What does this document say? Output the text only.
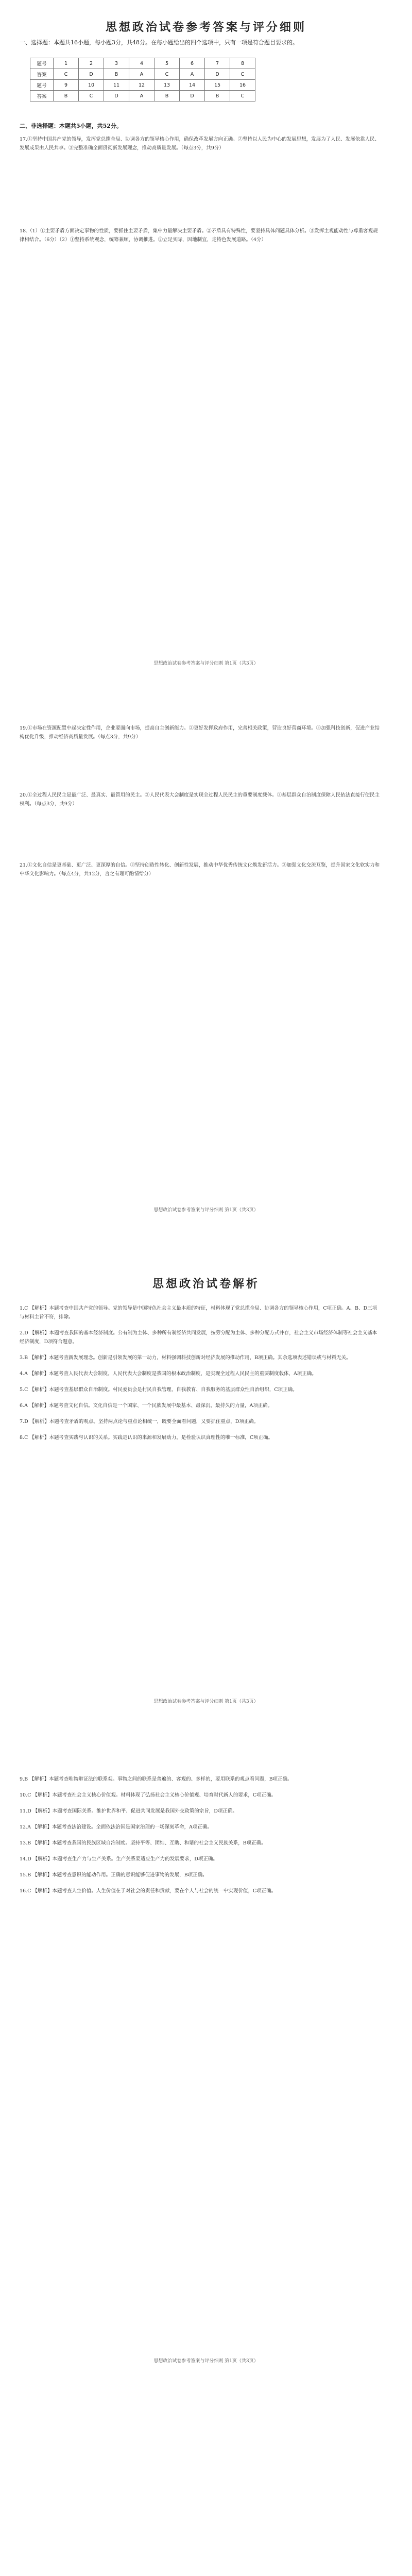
思想政治试卷参考答案与评分细则
一、选择题：本题共16小题，每小题3分，共48分。在每小题给出的四个选项中，只有一项是符合题目要求的。
题号	1	2	3	4	5	6	7	8
答案	C	D	B	A	C	A	D	C
题号	9	10	11	12	13	14	15	16
答案	B	C	D	A	B	D	B	C
二、非选择题：本题共5小题，共52分。
17.①坚持中国共产党的领导，发挥党总揽全局、协调各方的领导核心作用，确保改革发展方向正确。②坚持以人民为中心的发展思想，发展为了人民、发展依靠人民、发展成果由人民共享。③完整准确全面贯彻新发展理念，推动高质量发展。（每点3分，共9分）
18.（1）①主要矛盾方面决定事物的性质，要抓住主要矛盾，集中力量解决主要矛盾。②矛盾具有特殊性，要坚持具体问题具体分析。③发挥主观能动性与尊重客观规律相结合。（6分）（2）①坚持系统观念，统筹兼顾，协调推进。②立足实际，因地制宜，走特色发展道路。（4分）
思想政治试卷参考答案与评分细则 第1页（共3页）
19.①市场在资源配置中起决定性作用，企业要面向市场，提高自主创新能力。②更好发挥政府作用，完善相关政策，营造良好营商环境。③加强科技创新，促进产业结构优化升级，推动经济高质量发展。（每点3分，共9分）
20.①全过程人民民主是最广泛、最真实、最管用的民主。②人民代表大会制度是实现全过程人民民主的重要制度载体。③基层群众自治制度保障人民依法直接行使民主权利。（每点3分，共9分）
21.①文化自信是更基础、更广泛、更深厚的自信。②坚持创造性转化、创新性发展，推动中华优秀传统文化焕发新活力。③加强文化交流互鉴，提升国家文化软实力和中华文化影响力。（每点4分，共12分，言之有理可酌情给分）
思想政治试卷参考答案与评分细则 第1页（共3页）
思想政治试卷解析
1.C 【解析】本题考查中国共产党的领导。党的领导是中国特色社会主义最本质的特征，材料体现了党总揽全局、协调各方的领导核心作用，C项正确。A、B、D三项与材料主旨不符，排除。
2.D 【解析】本题考查我国的基本经济制度。公有制为主体、多种所有制经济共同发展，按劳分配为主体、多种分配方式并存，社会主义市场经济体制等社会主义基本经济制度，D项符合题意。
3.B 【解析】本题考查新发展理念。创新是引领发展的第一动力，材料强调科技创新对经济发展的推动作用，B项正确。其余选项表述错误或与材料无关。
4.A 【解析】本题考查人民代表大会制度。人民代表大会制度是我国的根本政治制度，是实现全过程人民民主的重要制度载体，A项正确。
5.C 【解析】本题考查基层群众自治制度。村民委员会是村民自我管理、自我教育、自我服务的基层群众性自治组织，C项正确。
6.A 【解析】本题考查文化自信。文化自信是一个国家、一个民族发展中最基本、最深沉、最持久的力量，A项正确。
7.D 【解析】本题考查矛盾的观点。坚持两点论与重点论相统一，既要全面看问题，又要抓住重点，D项正确。
8.C 【解析】本题考查实践与认识的关系。实践是认识的来源和发展动力，是检验认识真理性的唯一标准，C项正确。
思想政治试卷参考答案与评分细则 第1页（共3页）
9.B 【解析】本题考查唯物辩证法的联系观。事物之间的联系是普遍的、客观的、多样的，要用联系的观点看问题，B项正确。
10.C 【解析】本题考查社会主义核心价值观。材料体现了弘扬社会主义核心价值观、培育时代新人的要求，C项正确。
11.D 【解析】本题考查国际关系。维护世界和平、促进共同发展是我国外交政策的宗旨，D项正确。
12.A 【解析】本题考查法治建设。全面依法治国是国家治理的一场深刻革命，A项正确。
13.B 【解析】本题考查我国的民族区域自治制度。坚持平等、团结、互助、和谐的社会主义民族关系，B项正确。
14.D 【解析】本题考查生产力与生产关系。生产关系要适应生产力的发展要求，D项正确。
15.B 【解析】本题考查意识的能动作用。正确的意识能够促进事物的发展，B项正确。
16.C 【解析】本题考查人生价值。人生价值在于对社会的责任和贡献，要在个人与社会的统一中实现价值，C项正确。
思想政治试卷参考答案与评分细则 第1页（共3页）
